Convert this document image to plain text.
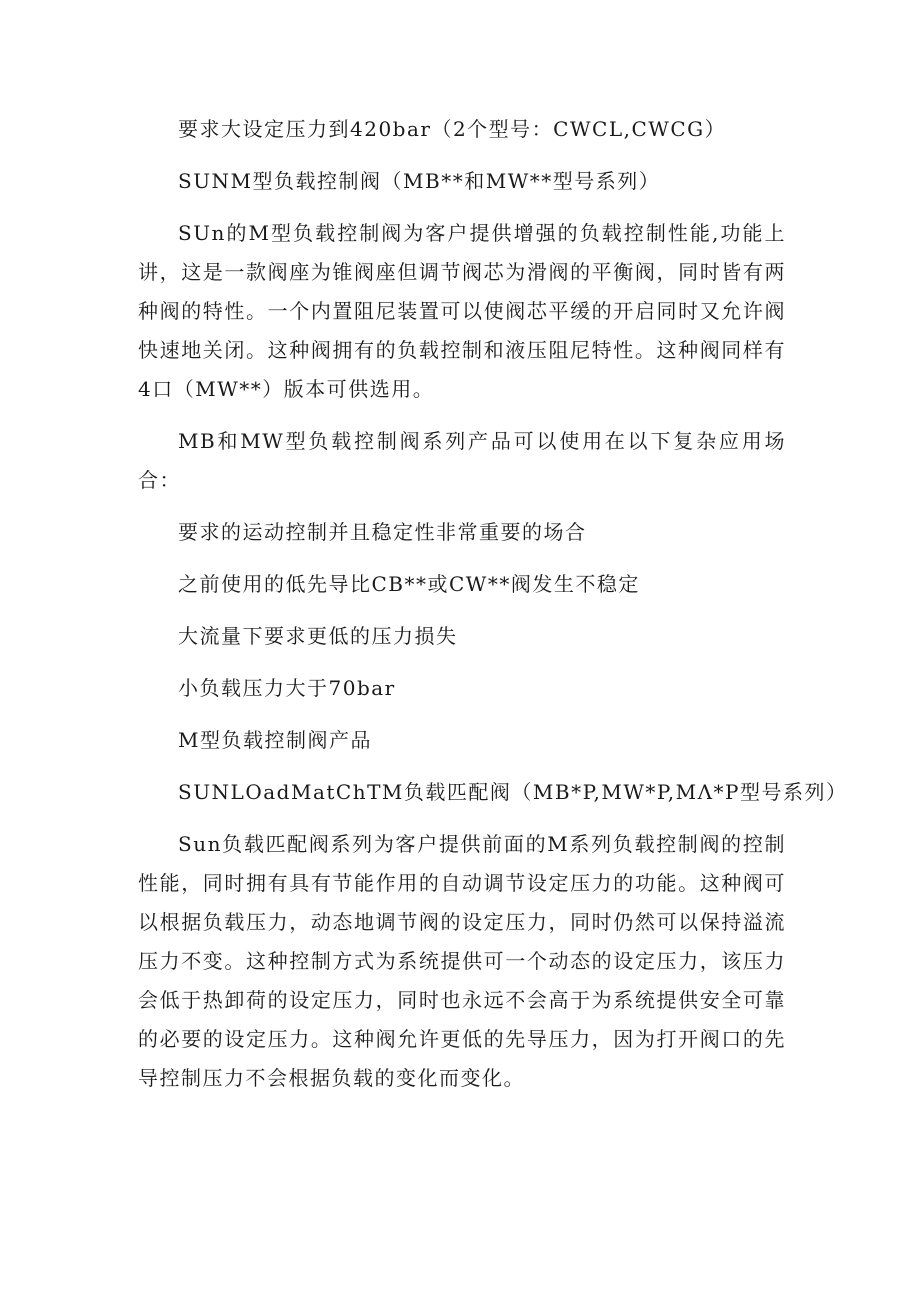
要求大设定压力到420bar（2个型号：CWCL,CWCG）

SUNM型负载控制阀（MB**和MW**型号系列）

SUn的M型负载控制阀为客户提供增强的负载控制性能,功能上讲，这是一款阀座为锥阀座但调节阀芯为滑阀的平衡阀，同时皆有两种阀的特性。一个内置阻尼装置可以使阀芯平缓的开启同时又允许阀快速地关闭。这种阀拥有的负载控制和液压阻尼特性。这种阀同样有4口（MW**）版本可供选用。

MB和MW型负载控制阀系列产品可以使用在以下复杂应用场合：

要求的运动控制并且稳定性非常重要的场合

之前使用的低先导比CB**或CW**阀发生不稳定

大流量下要求更低的压力损失

小负载压力大于70bar

M型负载控制阀产品

SUNLOadMatChTM负载匹配阀（MB*P,MW*P,MΛ*P型号系列）

Sun负载匹配阀系列为客户提供前面的M系列负载控制阀的控制性能，同时拥有具有节能作用的自动调节设定压力的功能。这种阀可以根据负载压力，动态地调节阀的设定压力，同时仍然可以保持溢流压力不变。这种控制方式为系统提供可一个动态的设定压力，该压力会低于热卸荷的设定压力，同时也永远不会高于为系统提供安全可靠的必要的设定压力。这种阀允许更低的先导压力，因为打开阀口的先导控制压力不会根据负载的变化而变化。
